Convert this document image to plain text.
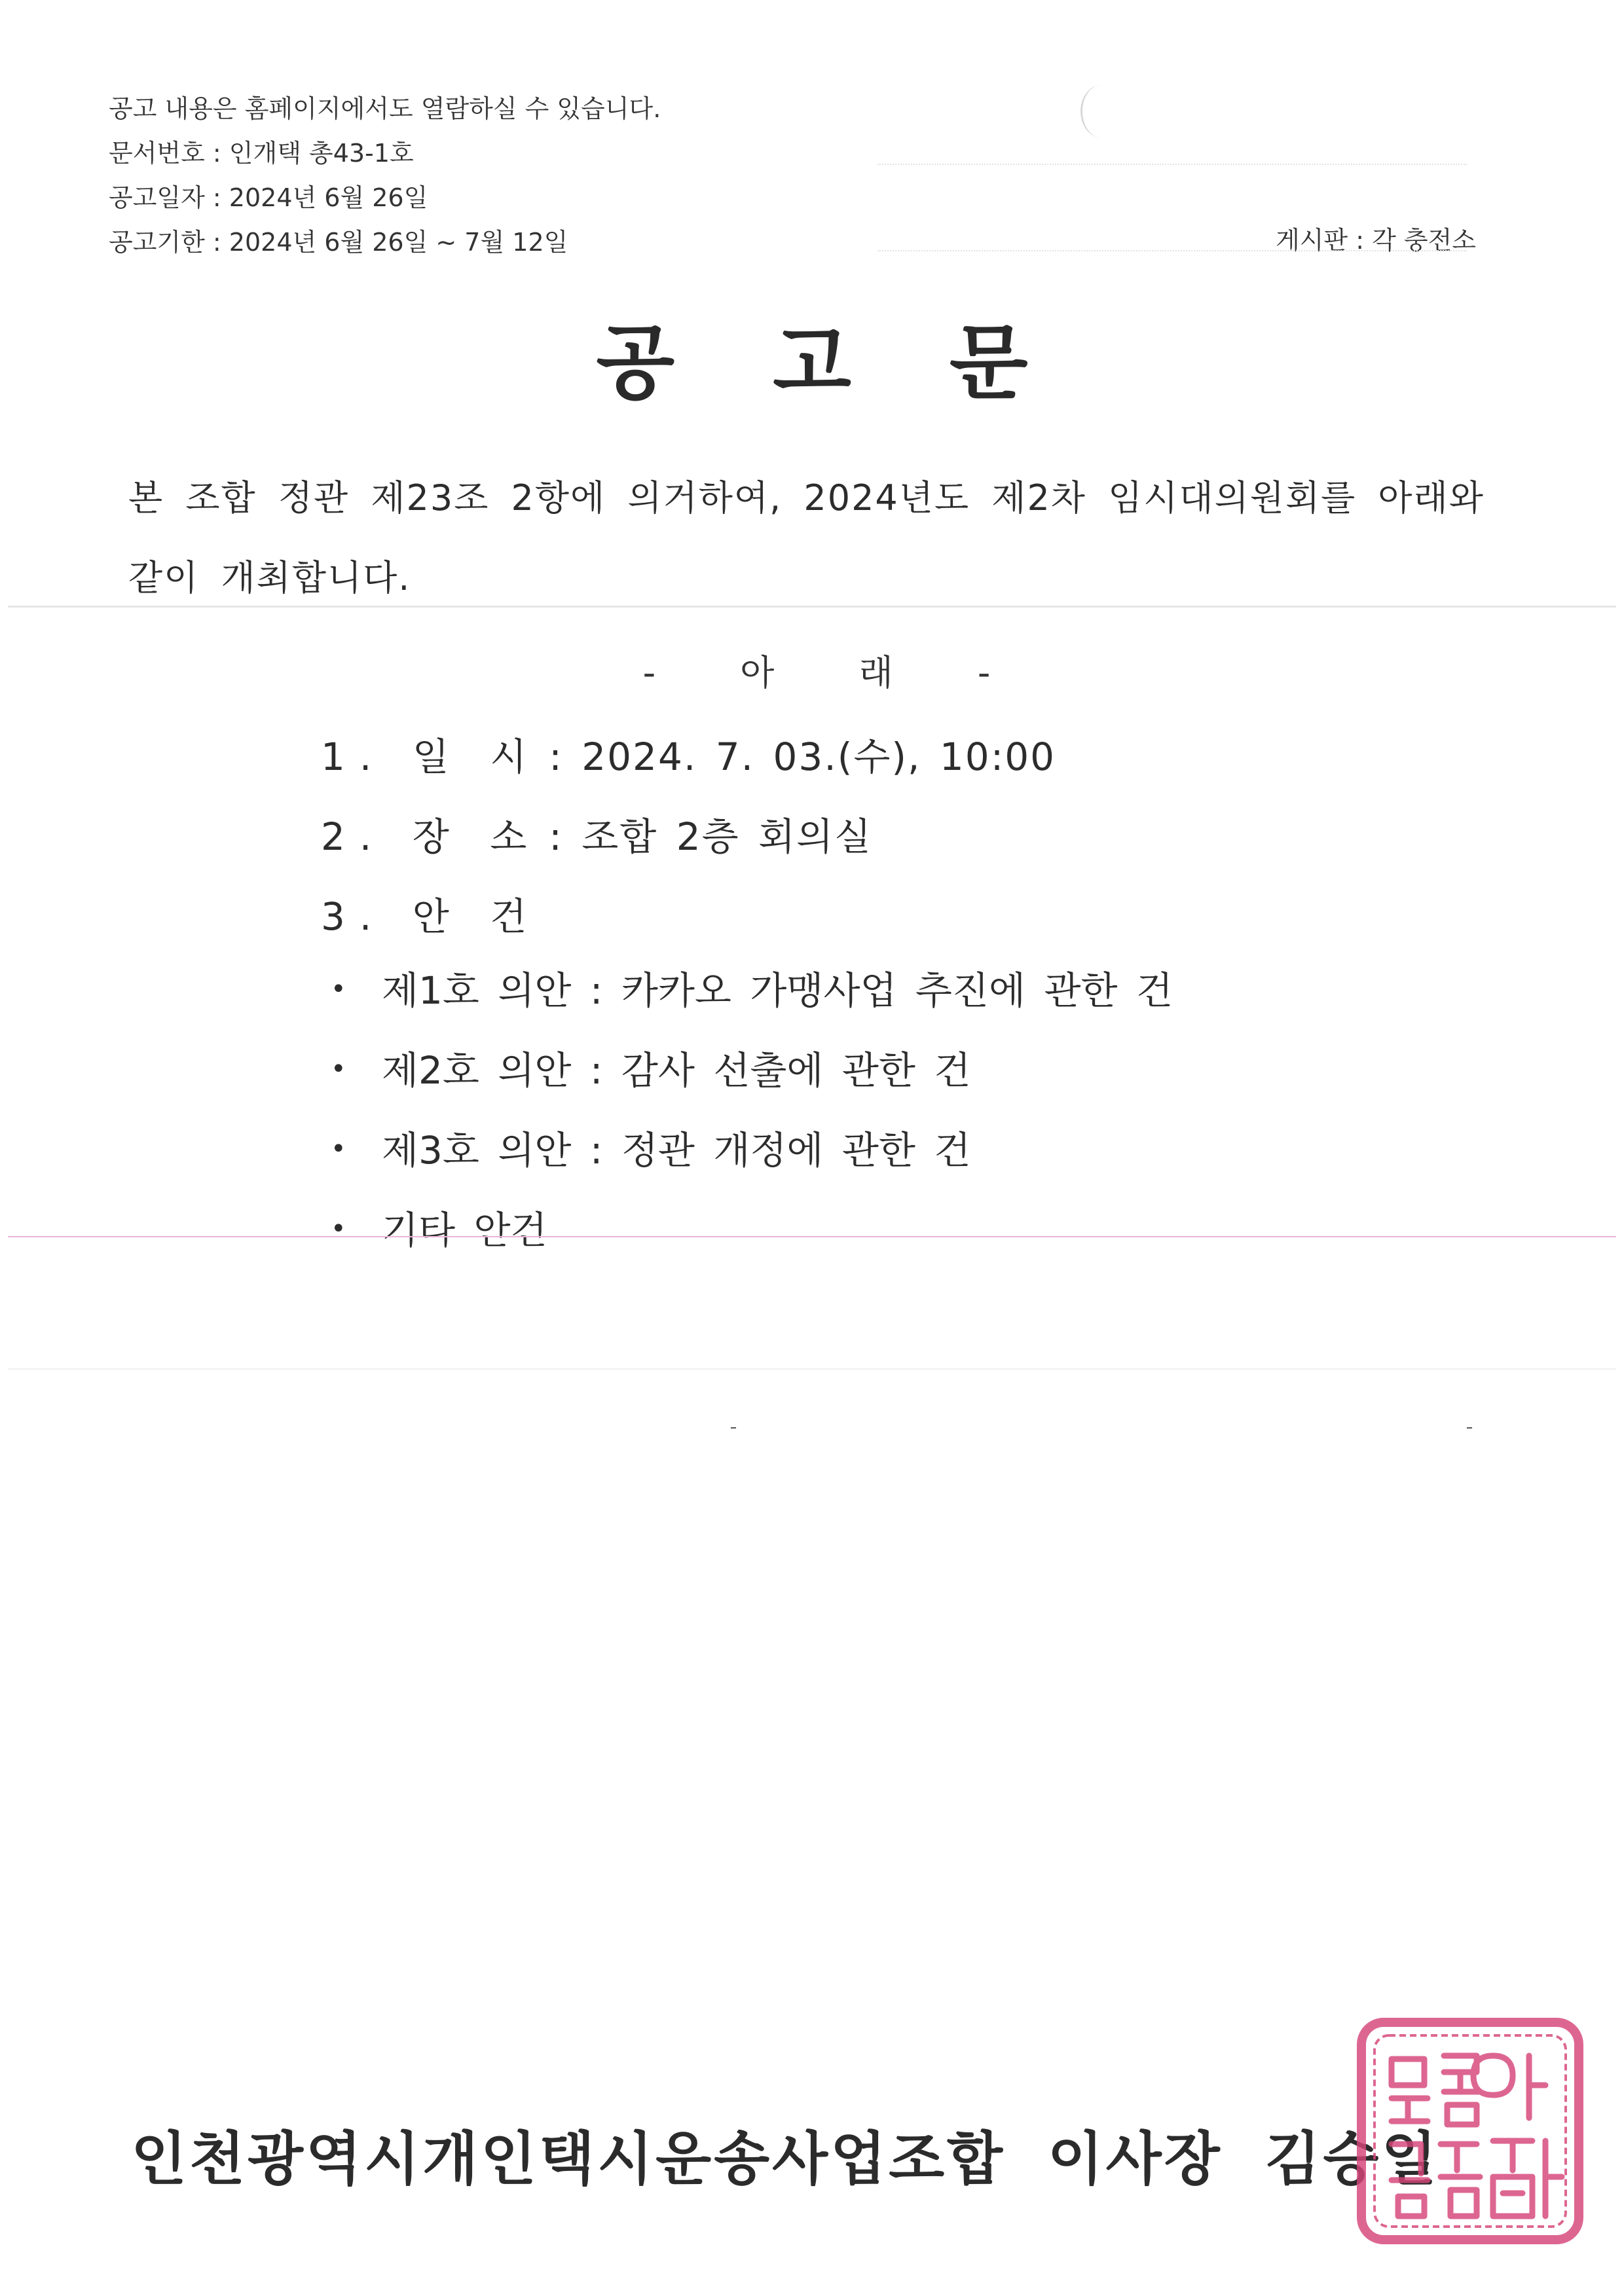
공고 내용은 홈페이지에서도 열람하실 수 있습니다.
문서번호 : 인개택 총43-1호
공고일자 : 2024년 6월 26일
공고기한 : 2024년 6월 26일 ~ 7월 12일	게시판 : 각 충전소
공고문
본 조합 정관 제23조 2항에 의거하여, 2024년도 제2차 임시대의원회를 아래와
같이 개최합니다.
- 아 래 -
1. 일 시 : 2024. 7. 03.(수), 10:00
2. 장 소 : 조합 2층 회의실
3. 안 건
• 제1호 의안 : 카카오 가맹사업 추진에 관한 건
• 제2호 의안 : 감사 선출에 관한 건
• 제3호 의안 : 정관 개정에 관한 건
• 기타 안건
인천광역시개인택시운송사업조합 이사장 김승일
